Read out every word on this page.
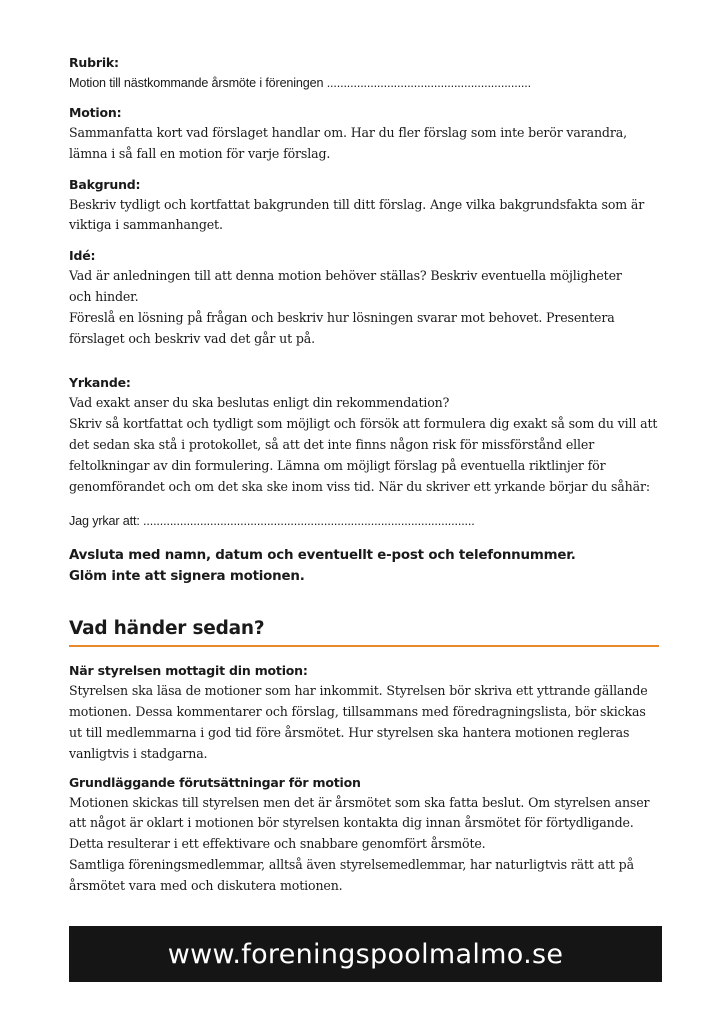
Rubrik:

Motion till nästkommande årsmöte i föreningen .............................................................

Motion:

Sammanfatta kort vad förslaget handlar om. Har du fler förslag som inte berör varandra, lämna i så fall en motion för varje förslag.

Bakgrund:

Beskriv tydligt och kortfattat bakgrunden till ditt förslag. Ange vilka bakgrundsfakta som är viktiga i sammanhanget.

Idé:

Vad är anledningen till att denna motion behöver ställas? Beskriv eventuella möjligheter och hinder.

Föreslå en lösning på frågan och beskriv hur lösningen svarar mot behovet. Presentera förslaget och beskriv vad det går ut på.

Yrkande:

Vad exakt anser du ska beslutas enligt din rekommendation?

Skriv så kortfattat och tydligt som möjligt och försök att formulera dig exakt så som du vill att det sedan ska stå i protokollet, så att det inte finns någon risk för missförstånd eller feltolkningar av din formulering. Lämna om möjligt förslag på eventuella riktlinjer för genomförandet och om det ska ske inom viss tid. När du skriver ett yrkande börjar du såhär:

Jag yrkar att: ...................................................................................................

Avsluta med namn, datum och eventuellt e-post och telefonnummer.

Glöm inte att signera motionen.

Vad händer sedan?

När styrelsen mottagit din motion:

Styrelsen ska läsa de motioner som har inkommit. Styrelsen bör skriva ett yttrande gällande motionen. Dessa kommentarer och förslag, tillsammans med föredragningslista, bör skickas ut till medlemmarna i god tid före årsmötet. Hur styrelsen ska hantera motionen regleras vanligtvis i stadgarna.

Grundläggande förutsättningar för motion

Motionen skickas till styrelsen men det är årsmötet som ska fatta beslut. Om styrelsen anser att något är oklart i motionen bör styrelsen kontakta dig innan årsmötet för förtydligande. Detta resulterar i ett effektivare och snabbare genomfört årsmöte.

Samtliga föreningsmedlemmar, alltså även styrelsemedlemmar, har naturligtvis rätt att på årsmötet vara med och diskutera motionen.

www.foreningspoolmalmo.se
